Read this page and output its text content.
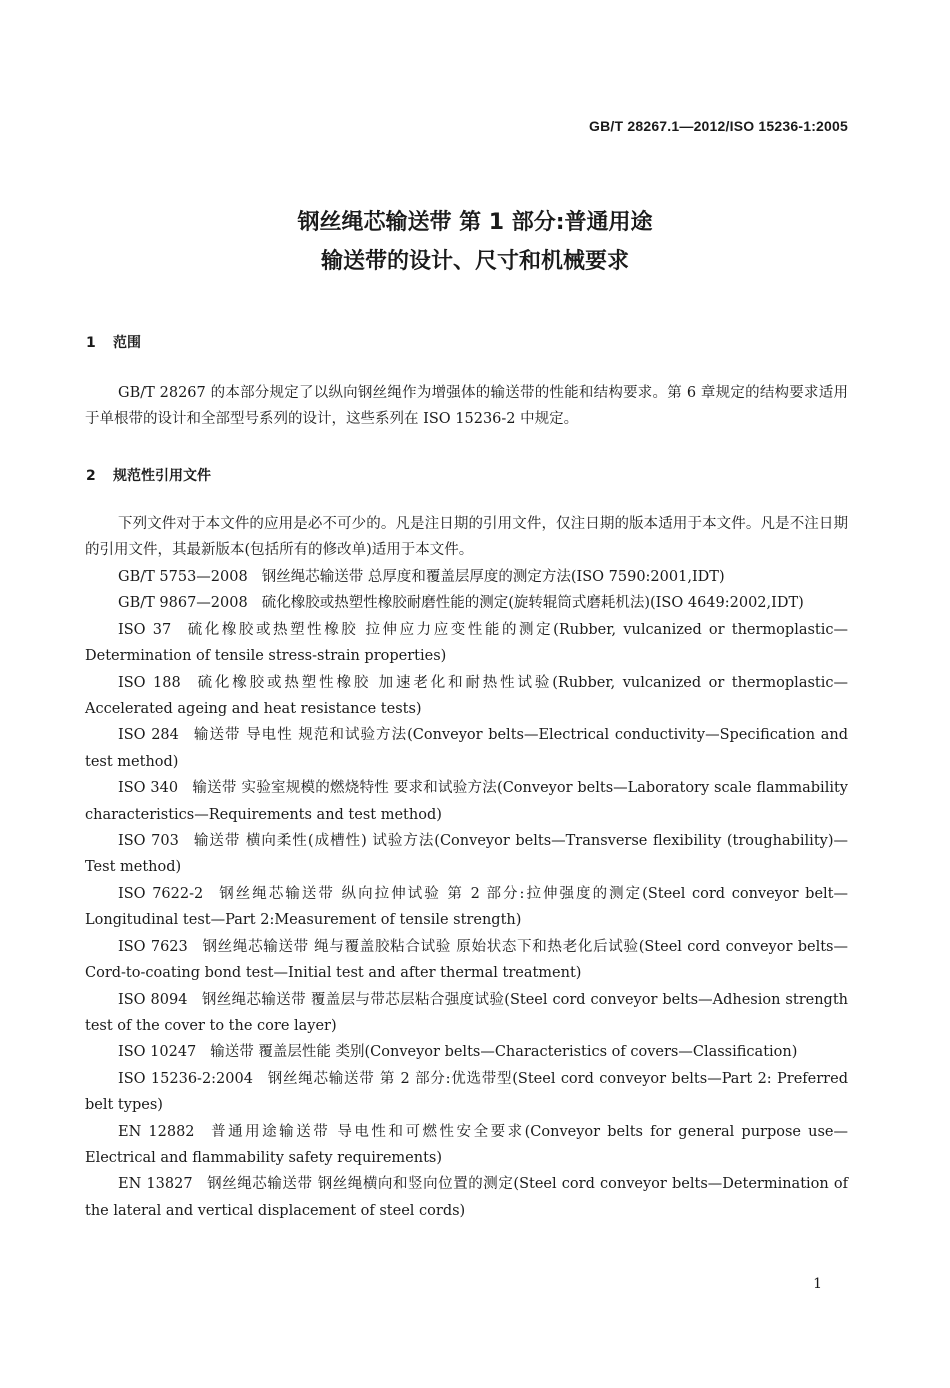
GB/T 28267.1—2012/ISO 15236-1:2005
钢丝绳芯输送带 第 1 部分:普通用途
输送带的设计、尺寸和机械要求
1 范围
GB/T 28267 的本部分规定了以纵向钢丝绳作为增强体的输送带的性能和结构要求。第 6 章规定的结构要求适用于单根带的设计和全部型号系列的设计，这些系列在 ISO 15236-2 中规定。
2 规范性引用文件
下列文件对于本文件的应用是必不可少的。凡是注日期的引用文件，仅注日期的版本适用于本文件。凡是不注日期的引用文件，其最新版本(包括所有的修改单)适用于本文件。
GB/T 5753—2008 钢丝绳芯输送带 总厚度和覆盖层厚度的测定方法(ISO 7590:2001,IDT)
GB/T 9867—2008 硫化橡胶或热塑性橡胶耐磨性能的测定(旋转辊筒式磨耗机法)(ISO 4649:2002,IDT)
ISO 37 硫化橡胶或热塑性橡胶 拉伸应力应变性能的测定(Rubber, vulcanized or thermoplastic—Determination of tensile stress-strain properties)
ISO 188 硫化橡胶或热塑性橡胶 加速老化和耐热性试验(Rubber, vulcanized or thermoplastic—Accelerated ageing and heat resistance tests)
ISO 284 输送带 导电性 规范和试验方法(Conveyor belts—Electrical conductivity—Specification and test method)
ISO 340 输送带 实验室规模的燃烧特性 要求和试验方法(Conveyor belts—Laboratory scale flammability characteristics—Requirements and test method)
ISO 703 输送带 横向柔性(成槽性) 试验方法(Conveyor belts—Transverse flexibility (troughability)—Test method)
ISO 7622-2 钢丝绳芯输送带 纵向拉伸试验 第 2 部分:拉伸强度的测定(Steel cord conveyor belt—Longitudinal test—Part 2:Measurement of tensile strength)
ISO 7623 钢丝绳芯输送带 绳与覆盖胶粘合试验 原始状态下和热老化后试验(Steel cord conveyor belts—Cord-to-coating bond test—Initial test and after thermal treatment)
ISO 8094 钢丝绳芯输送带 覆盖层与带芯层粘合强度试验(Steel cord conveyor belts—Adhesion strength test of the cover to the core layer)
ISO 10247 输送带 覆盖层性能 类别(Conveyor belts—Characteristics of covers—Classification)
ISO 15236-2:2004 钢丝绳芯输送带 第 2 部分:优选带型(Steel cord conveyor belts—Part 2: Preferred belt types)
EN 12882 普通用途输送带 导电性和可燃性安全要求(Conveyor belts for general purpose use—Electrical and flammability safety requirements)
EN 13827 钢丝绳芯输送带 钢丝绳横向和竖向位置的测定(Steel cord conveyor belts—Determination of the lateral and vertical displacement of steel cords)
1
